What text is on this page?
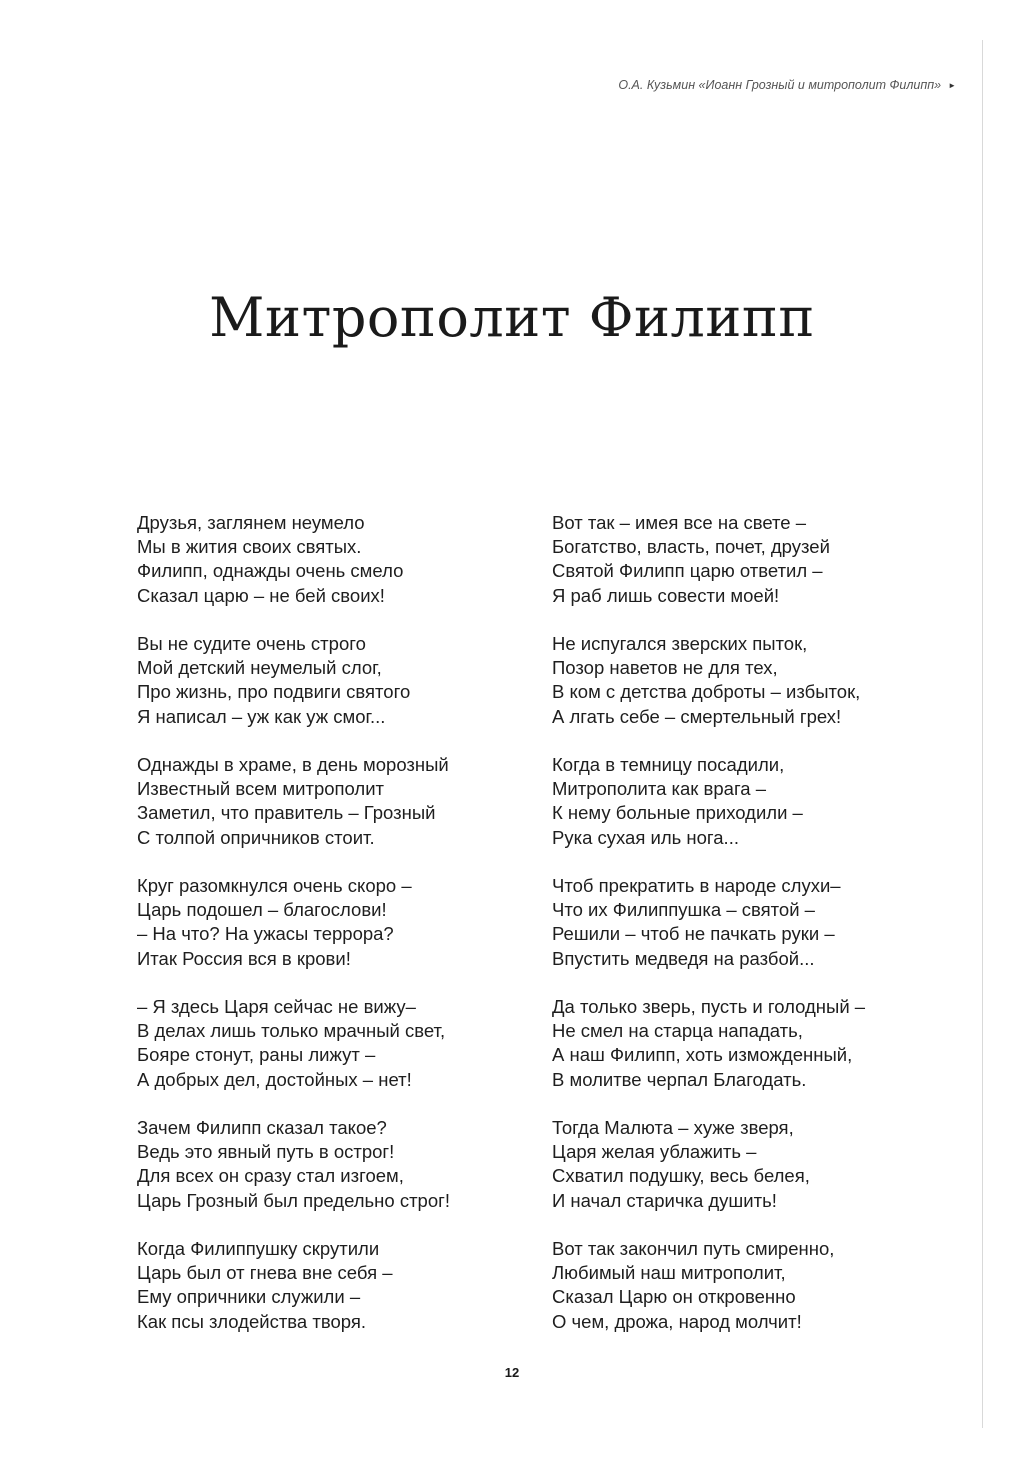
О.А. Кузьмин «Иоанн Грозный и митрополит Филипп» ►
Митрополит Филипп
Друзья, заглянем неумело
Мы в жития своих святых.
Филипп, однажды очень смело
Сказал царю – не бей своих!
Вы не судите очень строго
Мой детский неумелый слог,
Про жизнь, про подвиги святого
Я написал – уж как уж смог...
Однажды в храме, в день морозный
Известный всем митрополит
Заметил, что правитель – Грозный
С толпой опричников стоит.
Круг разомкнулся очень скоро –
Царь подошел – благослови!
– На что? На ужасы террора?
Итак Россия вся в крови!
– Я здесь Царя сейчас не вижу–
В делах лишь только мрачный свет,
Бояре стонут, раны лижут –
А добрых дел, достойных – нет!
Зачем Филипп сказал такое?
Ведь это явный путь в острог!
Для всех он сразу стал изгоем,
Царь Грозный был предельно строг!
Когда Филиппушку скрутили
Царь был от гнева вне себя –
Ему опричники служили –
Как псы злодейства творя.
Вот так – имея все на свете –
Богатство, власть, почет, друзей
Святой Филипп царю ответил –
Я раб лишь совести моей!
Не испугался зверских пыток,
Позор наветов не для тех,
В ком с детства доброты – избыток,
А лгать себе – смертельный грех!
Когда в темницу посадили,
Митрополита как врага –
К нему больные приходили –
Рука сухая иль нога...
Чтоб прекратить в народе слухи–
Что их Филиппушка – святой –
Решили – чтоб не пачкать руки –
Впустить медведя на разбой...
Да только зверь, пусть и голодный –
Не смел на старца нападать,
А наш Филипп, хоть изможденный,
В молитве черпал Благодать.
Тогда Малюта – хуже зверя,
Царя желая ублажить –
Схватил подушку, весь белея,
И начал старичка душить!
Вот так закончил путь смиренно,
Любимый наш митрополит,
Сказал Царю он откровенно
О чем, дрожа, народ молчит!
12
